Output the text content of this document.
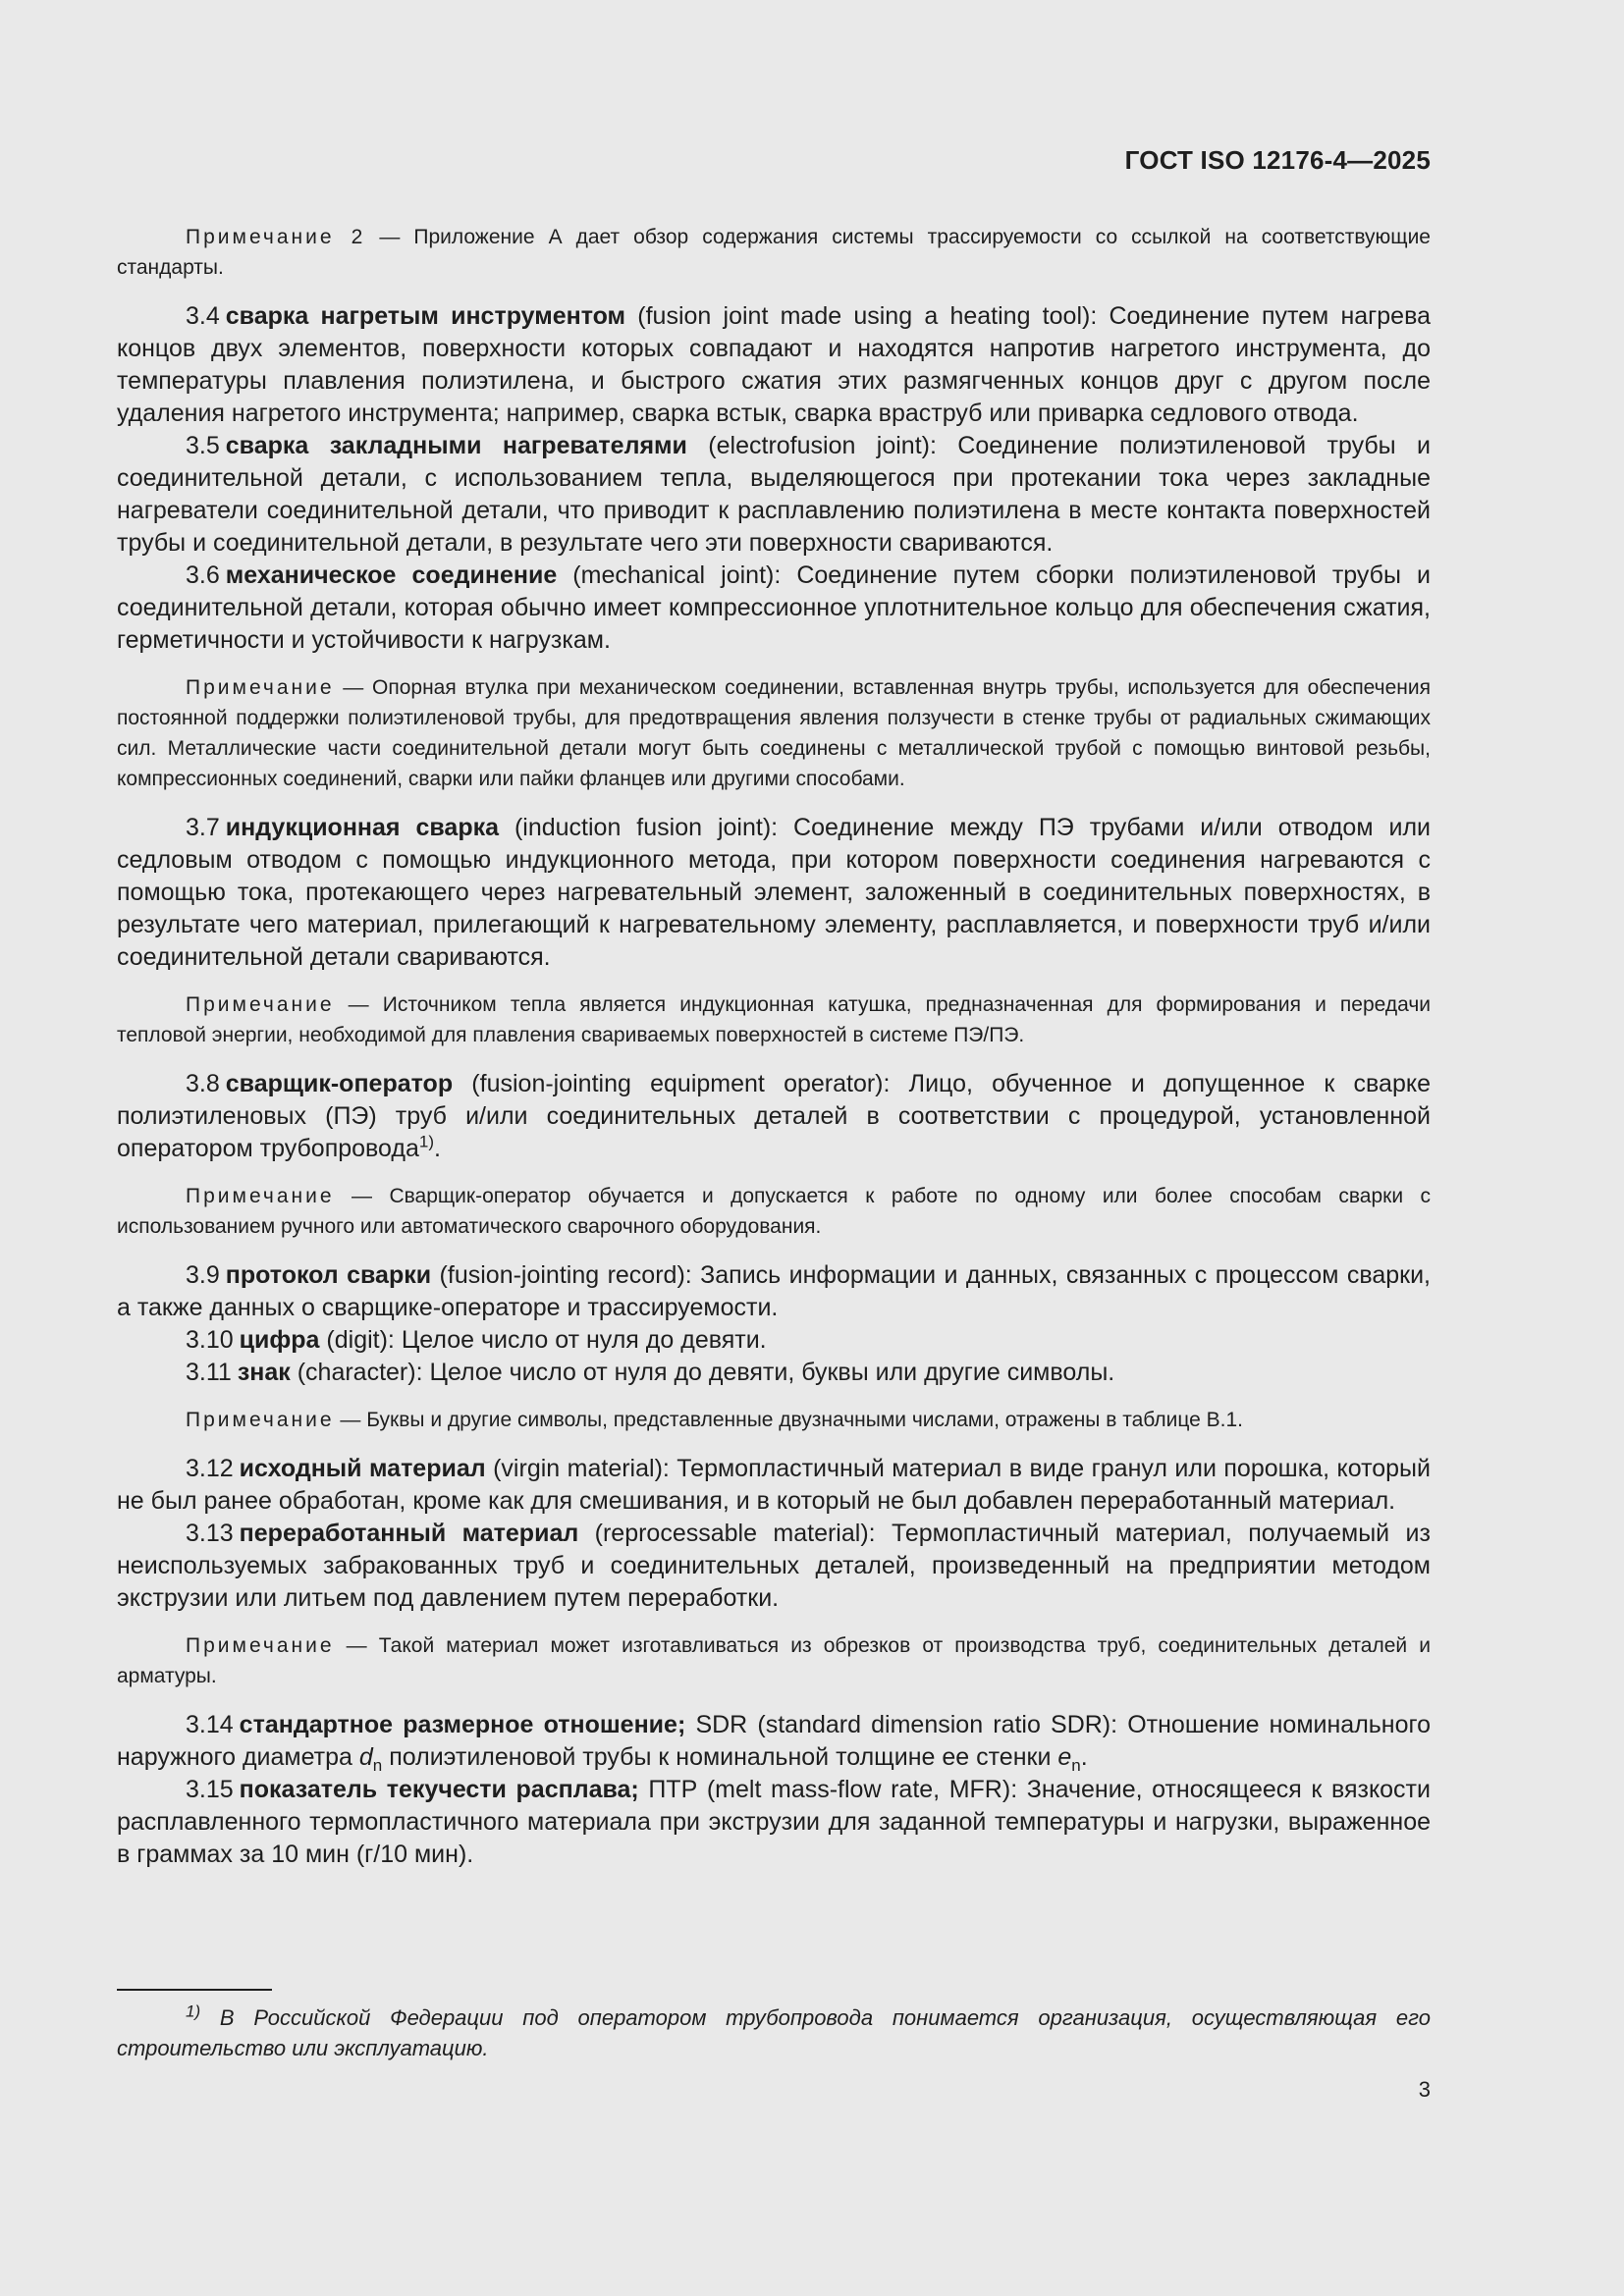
ГОСТ ISO 12176-4—2025

Примечание 2 — Приложение А дает обзор содержания системы трассируемости со ссылкой на соответствующие стандарты.

3.4 сварка нагретым инструментом (fusion joint made using a heating tool): Соединение путем нагрева концов двух элементов, поверхности которых совпадают и находятся напротив нагретого инструмента, до температуры плавления полиэтилена, и быстрого сжатия этих размягченных концов друг с другом после удаления нагретого инструмента; например, сварка встык, сварка враструб или приварка седлового отвода.

3.5 сварка закладными нагревателями (electrofusion joint): Соединение полиэтиленовой трубы и соединительной детали, с использованием тепла, выделяющегося при протекании тока через закладные нагреватели соединительной детали, что приводит к расплавлению полиэтилена в месте контакта поверхностей трубы и соединительной детали, в результате чего эти поверхности свариваются.

3.6 механическое соединение (mechanical joint): Соединение путем сборки полиэтиленовой трубы и соединительной детали, которая обычно имеет компрессионное уплотнительное кольцо для обеспечения сжатия, герметичности и устойчивости к нагрузкам.

Примечание — Опорная втулка при механическом соединении, вставленная внутрь трубы, используется для обеспечения постоянной поддержки полиэтиленовой трубы, для предотвращения явления ползучести в стенке трубы от радиальных сжимающих сил. Металлические части соединительной детали могут быть соединены с металлической трубой с помощью винтовой резьбы, компрессионных соединений, сварки или пайки фланцев или другими способами.

3.7 индукционная сварка (induction fusion joint): Соединение между ПЭ трубами и/или отводом или седловым отводом с помощью индукционного метода, при котором поверхности соединения нагреваются с помощью тока, протекающего через нагревательный элемент, заложенный в соединительных поверхностях, в результате чего материал, прилегающий к нагревательному элементу, расплавляется, и поверхности труб и/или соединительной детали свариваются.

Примечание — Источником тепла является индукционная катушка, предназначенная для формирования и передачи тепловой энергии, необходимой для плавления свариваемых поверхностей в системе ПЭ/ПЭ.

3.8 сварщик-оператор (fusion-jointing equipment operator): Лицо, обученное и допущенное к сварке полиэтиленовых (ПЭ) труб и/или соединительных деталей в соответствии с процедурой, установленной оператором трубопровода$^{1)}$.

Примечание — Сварщик-оператор обучается и допускается к работе по одному или более способам сварки с использованием ручного или автоматического сварочного оборудования.

3.9 протокол сварки (fusion-jointing record): Запись информации и данных, связанных с процессом сварки, а также данных о сварщике-операторе и трассируемости.

3.10 цифра (digit): Целое число от нуля до девяти.

3.11 знак (character): Целое число от нуля до девяти, буквы или другие символы.

Примечание — Буквы и другие символы, представленные двузначными числами, отражены в таблице В.1.

3.12 исходный материал (virgin material): Термопластичный материал в виде гранул или порошка, который не был ранее обработан, кроме как для смешивания, и в который не был добавлен переработанный материал.

3.13 переработанный материал (reprocessable material): Термопластичный материал, получаемый из неиспользуемых забракованных труб и соединительных деталей, произведенный на предприятии методом экструзии или литьем под давлением путем переработки.

Примечание — Такой материал может изготавливаться из обрезков от производства труб, соединительных деталей и арматуры.

3.14 стандартное размерное отношение; SDR (standard dimension ratio SDR): Отношение номинального наружного диаметра $d_n$ полиэтиленовой трубы к номинальной толщине ее стенки $e_n$.

3.15 показатель текучести расплава; ПТР (melt mass-flow rate, MFR): Значение, относящееся к вязкости расплавленного термопластичного материала при экструзии для заданной температуры и нагрузки, выраженное в граммах за 10 мин (г/10 мин).

$^{1)}$ В Российской Федерации под оператором трубопровода понимается организация, осуществляющая его строительство или эксплуатацию.
3
